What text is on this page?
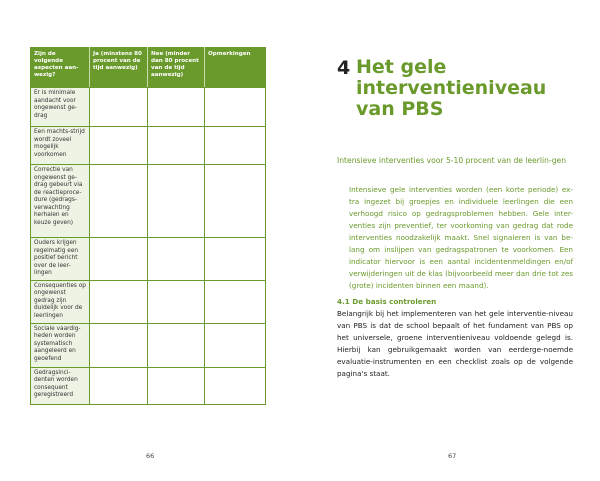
Zijn de volgende aspecten aan-wezig?	Ja (minstens 80 procent van de tijd aanwezig)	Nee (minder dan 80 procent van de tijd aanwezig)	Opmerkingen
Er is minimale aandacht voor ongewenst ge-drag			
Een machts-strijd wordt zoveel mogelijk voorkomen			
Correctie van ongewenst ge-drag gebeurt via de reactieproce-dure (gedrags-verwachting herhalen en keuze geven)			
Ouders krijgen regelmatig een positief bericht over de leer-lingen			
Consequenties op ongewenst gedrag zijn duidelijk voor de leerlingen			
Sociale vaardig-heden worden systematisch aangeleerd en geoefend			
Gedragsinci-denten worden consequent geregistreerd			
66
4 Het gele interventieniveau van PBS
Intensieve interventies voor 5-10 procent van de leerlin-gen
Intensieve gele interventies worden (een korte periode) ex-tra ingezet bij groepjes en individuele leerlingen die een verhoogd risico op gedragsproblemen hebben. Gele inter-venties zijn preventief, ter voorkoming van gedrag dat rode interventies noodzakelijk maakt. Snel signaleren is van be-lang om inslijpen van gedragspatronen te voorkomen. Een indicator hiervoor is een aantal incidentenmeldingen en/of verwijderingen uit de klas (bijvoorbeeld meer dan drie tot zes (grote) incidenten binnen een maand).
4.1 De basis controleren
Belangrijk bij het implementeren van het gele interventie-niveau van PBS is dat de school bepaalt of het fundament van PBS op het universele, groene interventieniveau voldoende gelegd is. Hierbij kan gebruikgemaakt worden van eerderge-noemde evaluatie-instrumenten en een checklist zoals op de volgende pagina's staat.
67
